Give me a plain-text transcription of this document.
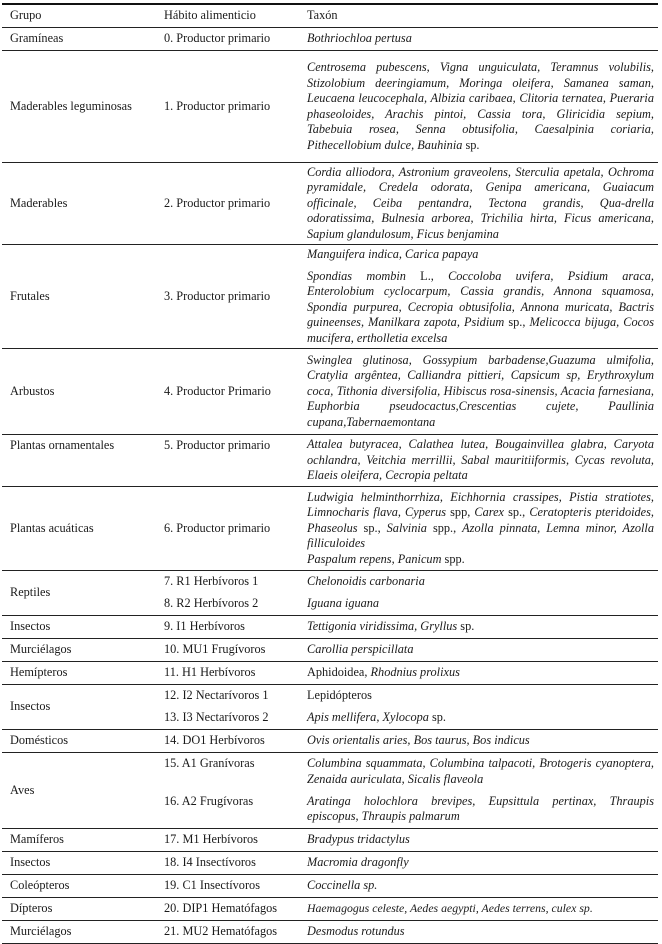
Grupo	Hábito alimenticio	Taxón
Gramíneas	0. Productor primario	Bothriochloa pertusa
Maderables leguminosas	1. Productor primario	Centrosema pubescens, Vigna unguiculata, Teramnus volubilis, Stizolobium deeringiamum, Moringa oleifera, Samanea saman, Leucaena leucocephala, Albizia caribaea, Clitoria ternatea, Pueraria phaseoloides, Arachis pintoi, Cassia tora, Gliricidia sepium, Tabebuia rosea, Senna obtusifolia, Caesalpinia coriaria, Pithecellobium dulce, Bauhinia sp.

Maderables	2. Productor primario	Cordia alliodora, Astronium graveolens, Sterculia apetala, Ochroma pyramidale, Credela odorata, Genipa americana, Guaiacum officinale, Ceiba pentandra, Tectona grandis, Qua-drella odoratissima, Bulnesia arborea, Trichilia hirta, Ficus americana, Sapium glandulosum, Ficus benjamina

Frutales	3. Productor primario	Manguifera indica, Carica papaya
Spondias mombin L., Coccoloba uvifera, Psidium araca, Enterolobium cyclocarpum, Cassia grandis, Annona squamosa, Spondia purpurea, Cecropia obtusifolia, Annona muricata, Bactris guineenses, Manilkara zapota, Psidium sp., Melicocca bijuga, Cocos mucifera, ertholletia excelsa

Arbustos	4. Productor Primario	Swinglea glutinosa, Gossypium barbadense,Guazuma ulmifolia, Cratylia argêntea, Calliandra pittieri, Capsicum sp, Erythroxylum coca, Tithonia diversifolia, Hibiscus rosa-sinensis, Acacia farnesiana, Euphorbia pseudocactus,Crescentias cujete, Paullinia cupana,Tabernaemontana

Plantas ornamentales	5. Productor primario	Attalea butyracea, Calathea lutea, Bougainvillea glabra, Caryota ochlandra, Veitchia merrillii, Sabal mauritiiformis, Cycas revoluta, Elaeis oleifera, Cecropia peltata

Plantas acuáticas	6. Productor primario	Ludwigia helminthorrhiza, Eichhornia crassipes, Pistia stratiotes, Limnocharis flava, Cyperus spp, Carex sp., Ceratopteris pteridoides, Phaseolus sp., Salvinia spp., Azolla pinnata, Lemna minor, Azolla filliculoides
Paspalum repens, Panicum spp.

Reptiles	7. R1 Herbívoros 1	Chelonoidis carbonaria
	8. R2 Herbívoros 2	Iguana iguana
Insectos	9. I1 Herbívoros	Tettigonia viridissima, Gryllus sp.
Murciélagos	10. MU1 Frugívoros	Carollia perspicillata
Hemípteros	11. H1 Herbívoros	Aphidoidea, Rhodnius prolixus
Insectos	12. I2 Nectarívoros 1	Lepidópteros
	13. I3 Nectarívoros 2	Apis mellifera, Xylocopa sp.
Domésticos	14. DO1 Herbívoros	Ovis orientalis aries, Bos taurus, Bos indicus
Aves	15. A1 Granívoras	Columbina squammata, Columbina talpacoti, Brotogeris cyanoptera, Zenaida auriculata, Sicalis flaveola

	16. A2 Frugívoras	Aratinga holochlora brevipes, Eupsittula pertinax, Thraupis episcopus, Thraupis palmarum

Mamíferos	17. M1 Herbívoros	Bradypus tridactylus
Insectos	18. I4 Insectívoros	Macromia dragonfly
Coleópteros	19. C1 Insectívoros	Coccinella sp.
Dípteros	20. DIP1 Hematófagos	Haemagogus celeste, Aedes aegypti, Aedes terrens, culex sp.
Murciélagos	21. MU2 Hematófagos	Desmodus rotundus
